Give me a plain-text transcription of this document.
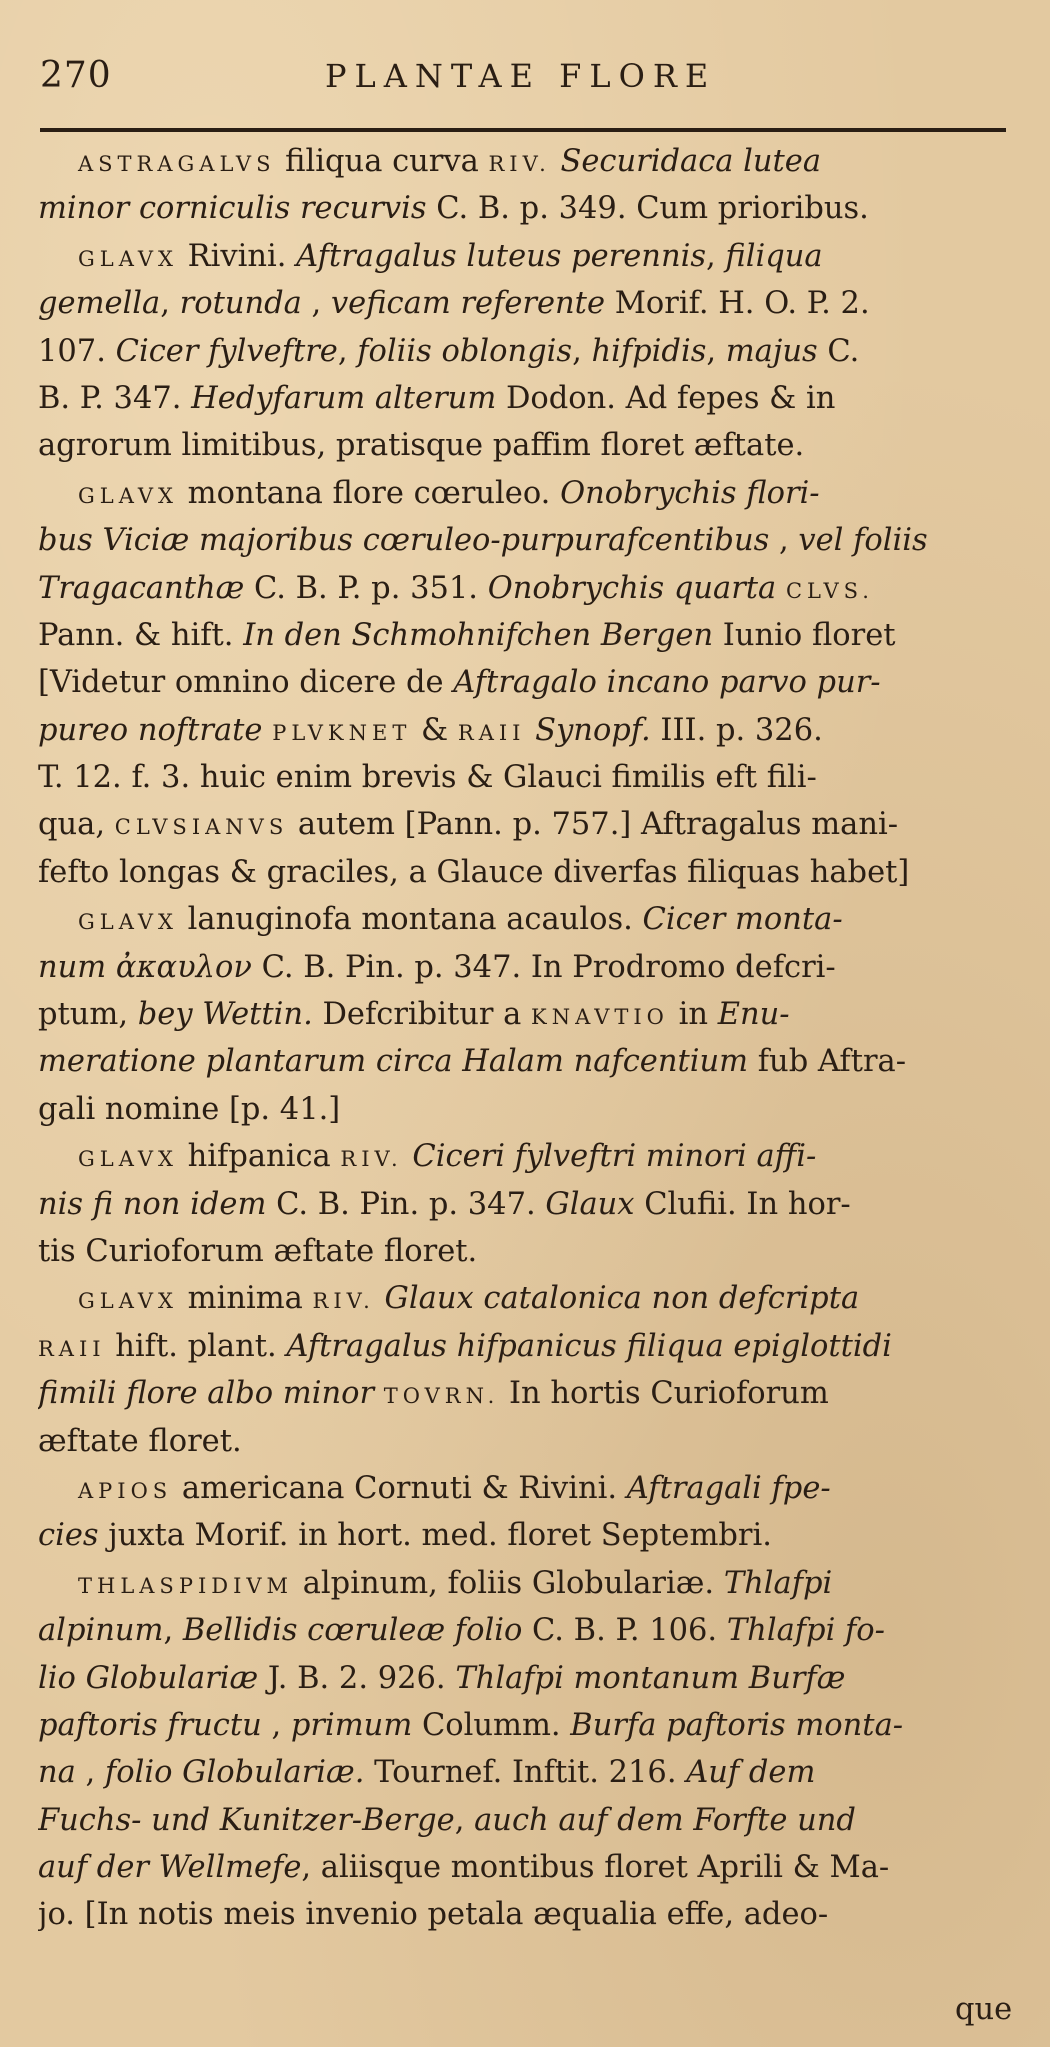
270	PLANTAE FLORE
ASTRAGALVS filiqua curva RIV. Securidaca lutea
minor corniculis recurvis C. B. p. 349. Cum prioribus.
GLAVX Rivini. Aftragalus luteus perennis, filiqua
gemella, rotunda , veficam referente Morif. H. O. P. 2.
107. Cicer fylveftre, foliis oblongis, hifpidis, majus C.
B. P. 347. Hedyfarum alterum Dodon. Ad fepes & in
agrorum limitibus, pratisque paffim floret æftate.
GLAVX montana flore cœruleo. Onobrychis flori-
bus Viciæ majoribus cœruleo-purpurafcentibus , vel foliis
Tragacanthæ C. B. P. p. 351. Onobrychis quarta CLVS.
Pann. & hift. In den Schmohnifchen Bergen Iunio floret
[Videtur omnino dicere de Aftragalo incano parvo pur-
pureo noftrate PLVKNET & RAII Synopf. III. p. 326.
T. 12. f. 3. huic enim brevis & Glauci fimilis eft fili-
qua, CLVSIANVS autem [Pann. p. 757.] Aftragalus mani-
fefto longas & graciles, a Glauce diverfas filiquas habet]
GLAVX lanuginofa montana acaulos. Cicer monta-
num ἀκαυλον C. B. Pin. p. 347. In Prodromo defcri-
ptum, bey Wettin. Defcribitur a KNAVTIO in Enu-
meratione plantarum circa Halam nafcentium fub Aftra-
gali nomine [p. 41.]
GLAVX hifpanica RIV. Ciceri fylveftri minori affi-
nis fi non idem C. B. Pin. p. 347. Glaux Clufii. In hor-
tis Curioforum æftate floret.
GLAVX minima RIV. Glaux catalonica non defcripta
RAII hift. plant. Aftragalus hifpanicus filiqua epiglottidi
fimili flore albo minor TOVRN. In hortis Curioforum
æftate floret.
APIOS americana Cornuti & Rivini. Aftragali fpe-
cies juxta Morif. in hort. med. floret Septembri.
THLASPIDIVM alpinum, foliis Globulariæ. Thlafpi
alpinum, Bellidis cœruleæ folio C. B. P. 106. Thlafpi fo-
lio Globulariæ J. B. 2. 926. Thlafpi montanum Burfæ
paftoris fructu , primum Columm. Burfa paftoris monta-
na , folio Globulariæ. Tournef. Inftit. 216. Auf dem
Fuchs- und Kunitzer-Berge, auch auf dem Forfte und
auf der Wellmefe, aliisque montibus floret Aprili & Ma-
jo. [In notis meis invenio petala æqualia effe, adeo-
que
